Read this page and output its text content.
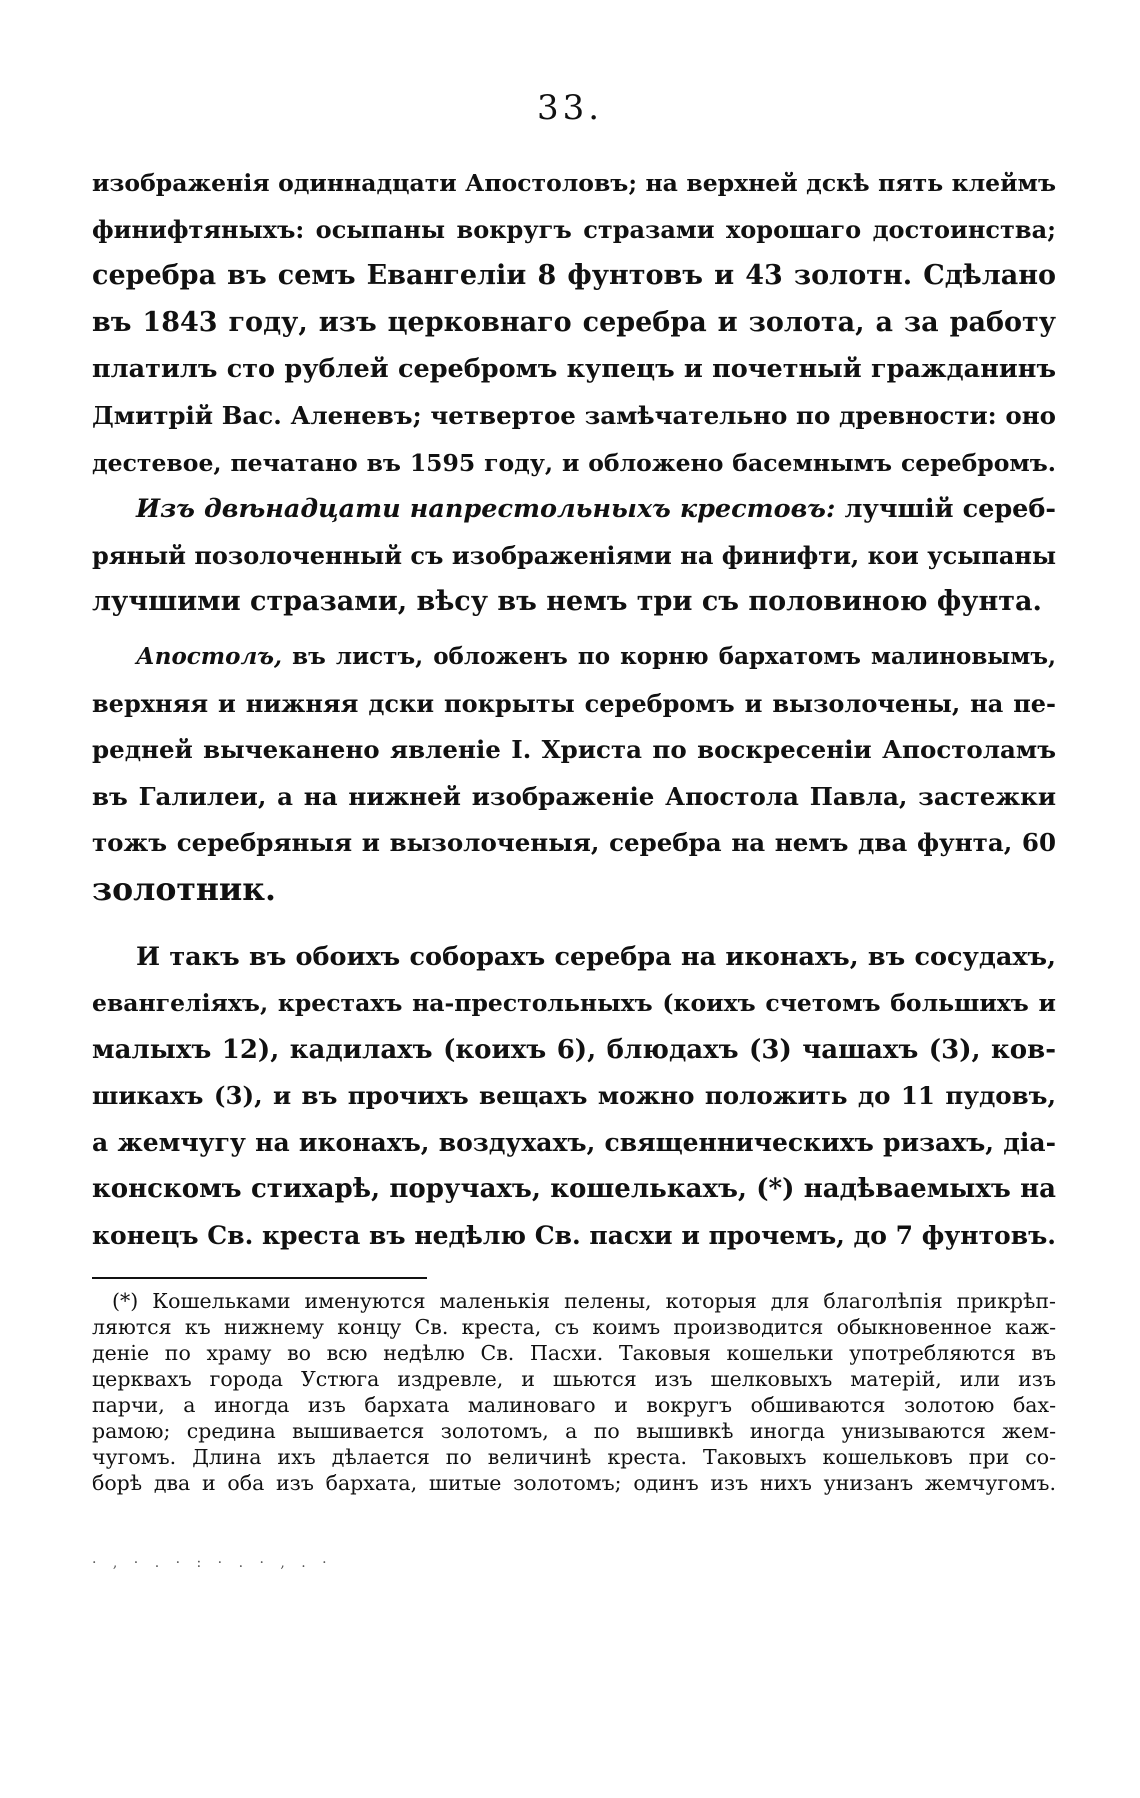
33.
изображенія одиннадцати Апостоловъ; на верхней дскѣ пять клеймъ
финифтяныхъ: осыпаны вокругъ стразами хорошаго достоинства;
серебра въ семъ Евангеліи 8 фунтовъ и 43 золотн. Сдѣлано
въ 1843 году, изъ церковнаго серебра и золота, а за работу
платилъ сто рублей серебромъ купецъ и почетный гражданинъ
Дмитрій Вас. Аленевъ; четвертое замѣчательно по древности: оно
дестевое, печатано въ 1595 году, и обложено басемнымъ серебромъ.
Изъ двѣнадцати напрестольныхъ крестовъ: лучшій сереб-
ряный позолоченный съ изображеніями на финифти, кои усыпаны
лучшими стразами, вѣсу въ немъ три съ половиною фунта.
Апостолъ, въ листъ, обложенъ по корню бархатомъ малиновымъ,
верхняя и нижняя дски покрыты серебромъ и вызолочены, на пе-
редней вычеканено явленіе І. Христа по воскресеніи Апостоламъ
въ Галилеи, а на нижней изображеніе Апостола Павла, застежки
тожъ серебряныя и вызолоченыя, серебра на немъ два фунта, 60
золотник.
И такъ въ обоихъ соборахъ серебра на иконахъ, въ сосудахъ,
евангеліяхъ, крестахъ на-престольныхъ (коихъ счетомъ большихъ и
малыхъ 12), кадилахъ (коихъ 6), блюдахъ (3) чашахъ (3), ков-
шикахъ (3), и въ прочихъ вещахъ можно положить до 11 пудовъ,
а жемчугу на иконахъ, воздухахъ, священническихъ ризахъ, діа-
конскомъ стихарѣ, поручахъ, кошелькахъ, (*) надѣваемыхъ на
конецъ Св. креста въ недѣлю Св. пасхи и прочемъ, до 7 фунтовъ.
(*) Кошельками именуются маленькія пелены, которыя для благолѣпія прикрѣп-
ляются къ нижнему концу Св. креста, съ коимъ производится обыкновенное каж-
деніе по храму во всю недѣлю Св. Пасхи. Таковыя кошельки употребляются въ
церквахъ города Устюга издревле, и шьются изъ шелковыхъ матерій, или изъ
парчи, а иногда изъ бархата малиноваго и вокругъ обшиваются золотою бах-
рамою; средина вышивается золотомъ, а по вышивкѣ иногда унизываются жем-
чугомъ. Длина ихъ дѣлается по величинѣ креста. Таковыхъ кошельковъ при со-
борѣ два и оба изъ бархата, шитые золотомъ; одинъ изъ нихъ унизанъ жемчугомъ.
· , · . · : · . · , . ·
